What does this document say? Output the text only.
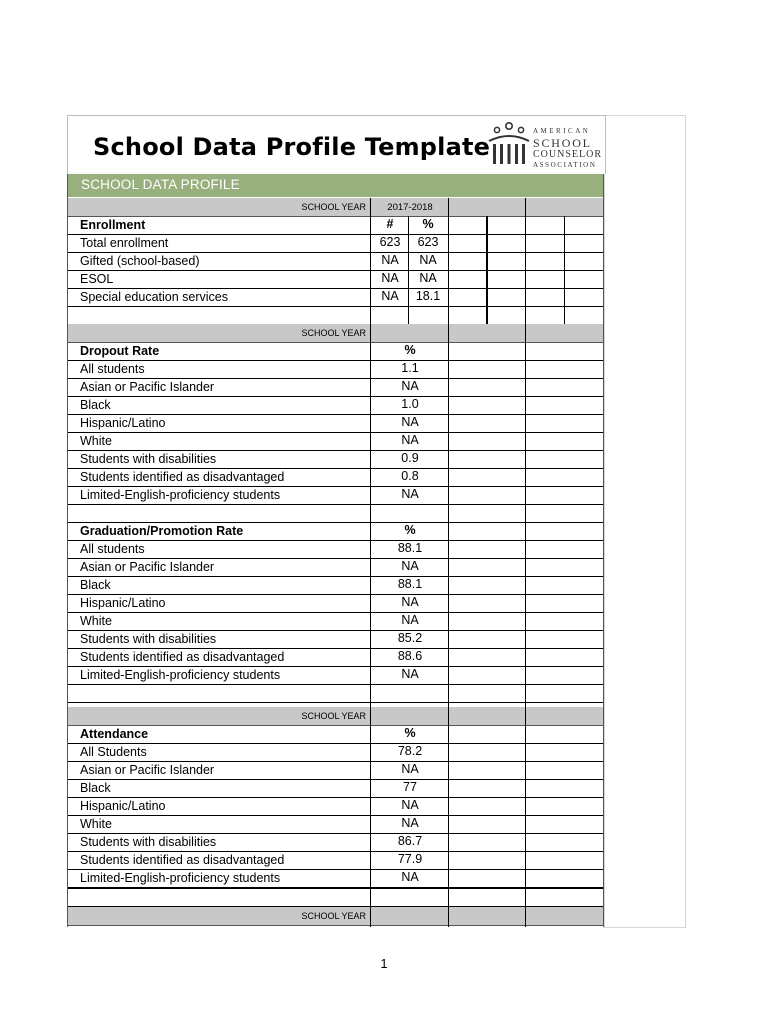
School Data Profile Template
AMERICAN
SCHOOL
COUNSELOR
ASSOCIATION
SCHOOL DATA PROFILE
SCHOOL YEAR	2017-2018
Enrollment	#	%
Total enrollment	623	623
Gifted (school-based)	NA	NA
ESOL	NA	NA
Special education services	NA	18.1
SCHOOL YEAR
Dropout Rate	%
All students	1.1
Asian or Pacific Islander	NA
Black	1.0
Hispanic/Latino	NA
White	NA
Students with disabilities	0.9
Students identified as disadvantaged	0.8
Limited-English-proficiency students	NA
Graduation/Promotion Rate	%
All students	88.1
Asian or Pacific Islander	NA
Black	88.1
Hispanic/Latino	NA
White	NA
Students with disabilities	85.2
Students identified as disadvantaged	88.6
Limited-English-proficiency students	NA
SCHOOL YEAR
Attendance	%
All Students	78.2
Asian or Pacific Islander	NA
Black	77
Hispanic/Latino	NA
White	NA
Students with disabilities	86.7
Students identified as disadvantaged	77.9
Limited-English-proficiency students	NA
SCHOOL YEAR
1
